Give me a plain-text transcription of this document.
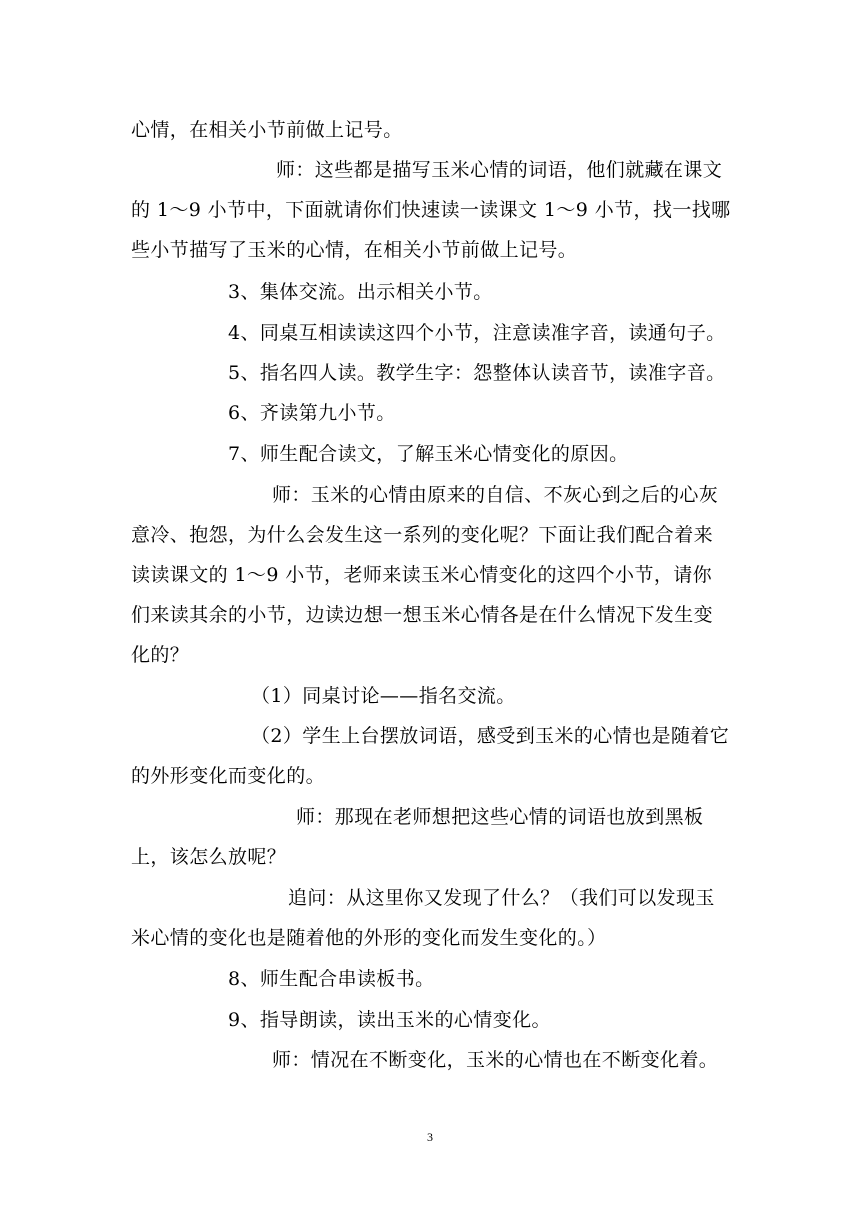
心情，在相关小节前做上记号。

师：这些都是描写玉米心情的词语，他们就藏在课文的 1～9 小节中，下面就请你们快速读一读课文 1～9 小节，找一找哪些小节描写了玉米的心情，在相关小节前做上记号。

3、集体交流。出示相关小节。

4、同桌互相读读这四个小节，注意读准字音，读通句子。

5、指名四人读。教学生字：怨整体认读音节，读准字音。

6、齐读第九小节。

7、师生配合读文，了解玉米心情变化的原因。

师：玉米的心情由原来的自信、不灰心到之后的心灰意冷、抱怨，为什么会发生这一系列的变化呢？下面让我们配合着来读读课文的 1～9 小节，老师来读玉米心情变化的这四个小节，请你们来读其余的小节，边读边想一想玉米心情各是在什么情况下发生变化的？

（1）同桌讨论——指名交流。

（2）学生上台摆放词语，感受到玉米的心情也是随着它的外形变化而变化的。

师：那现在老师想把这些心情的词语也放到黑板上，该怎么放呢？

追问：从这里你又发现了什么？（我们可以发现玉米心情的变化也是随着他的外形的变化而发生变化的。）

8、师生配合串读板书。

9、指导朗读，读出玉米的心情变化。

师：情况在不断变化，玉米的心情也在不断变化着。

3
